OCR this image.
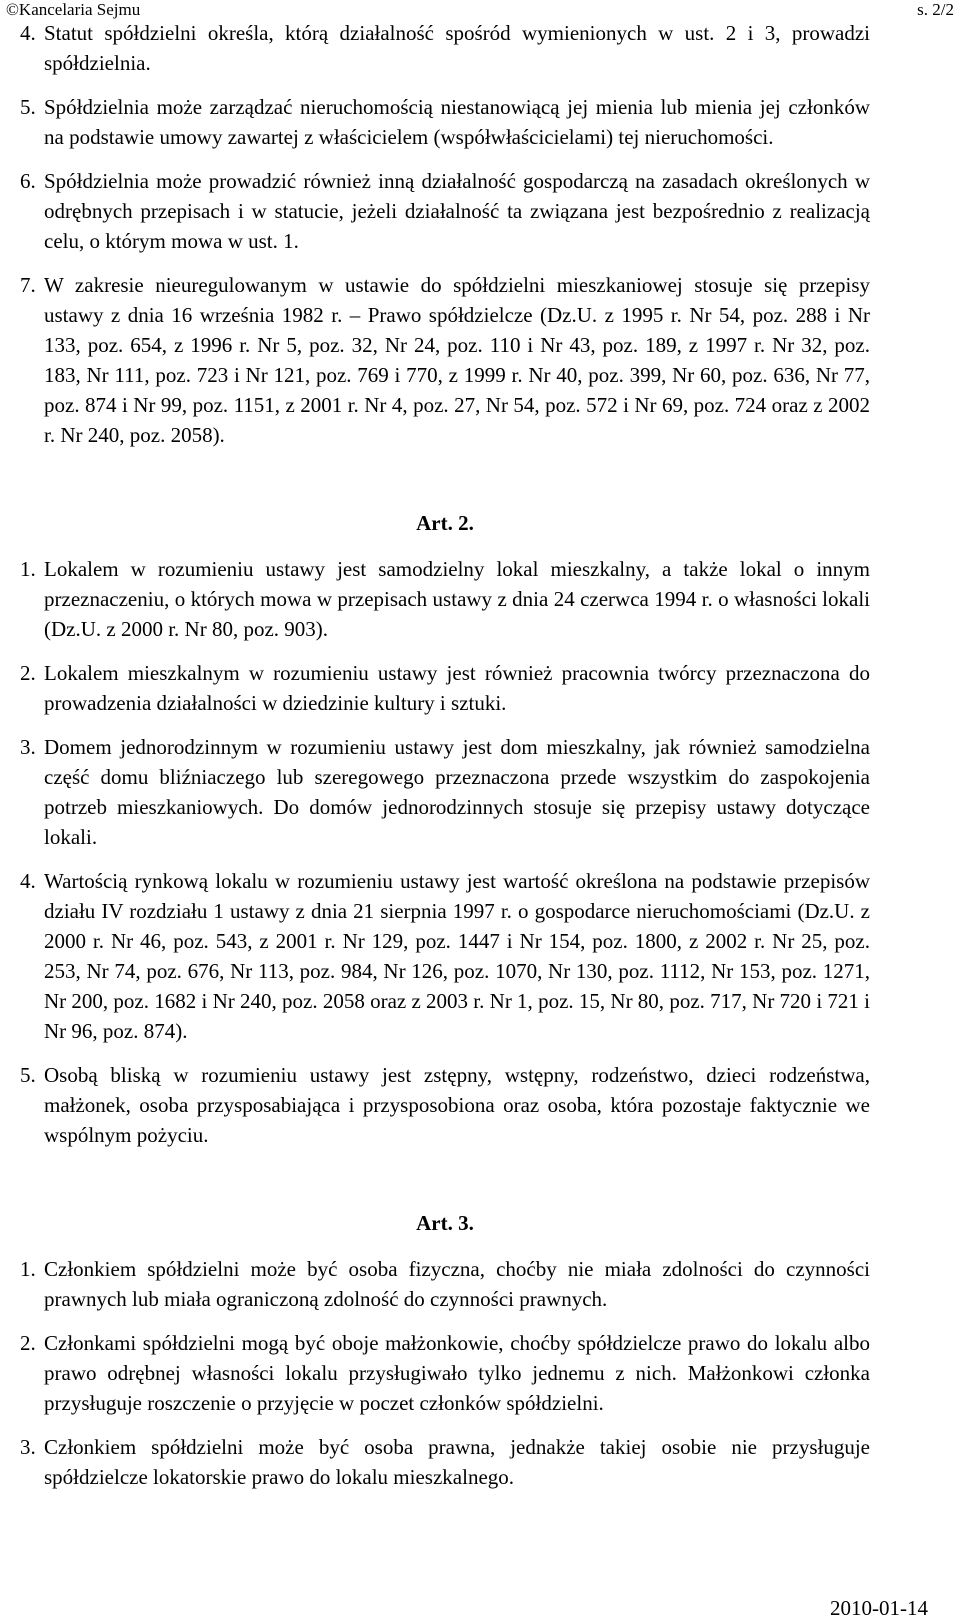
©Kancelaria Sejmu	s. 2/2
4. Statut spółdzielni określa, którą działalność spośród wymienionych w ust. 2 i 3, prowadzi spółdzielnia.
5. Spółdzielnia może zarządzać nieruchomością niestanowiącą jej mienia lub mienia jej członków na podstawie umowy zawartej z właścicielem (współwłaścicielami) tej nieruchomości.
6. Spółdzielnia może prowadzić również inną działalność gospodarczą na zasadach określonych w odrębnych przepisach i w statucie, jeżeli działalność ta związana jest bezpośrednio z realizacją celu, o którym mowa w ust. 1.
7. W zakresie nieuregulowanym w ustawie do spółdzielni mieszkaniowej stosuje się przepisy ustawy z dnia 16 września 1982 r. – Prawo spółdzielcze (Dz.U. z 1995 r. Nr 54, poz. 288 i Nr 133, poz. 654, z 1996 r. Nr 5, poz. 32, Nr 24, poz. 110 i Nr 43, poz. 189, z 1997 r. Nr 32, poz. 183, Nr 111, poz. 723 i Nr 121, poz. 769 i 770, z 1999 r. Nr 40, poz. 399, Nr 60, poz. 636, Nr 77, poz. 874 i Nr 99, poz. 1151, z 2001 r. Nr 4, poz. 27, Nr 54, poz. 572 i Nr 69, poz. 724 oraz z 2002 r. Nr 240, poz. 2058).
Art. 2.
1. Lokalem w rozumieniu ustawy jest samodzielny lokal mieszkalny, a także lokal o innym przeznaczeniu, o których mowa w przepisach ustawy z dnia 24 czerwca 1994 r. o własności lokali (Dz.U. z 2000 r. Nr 80, poz. 903).
2. Lokalem mieszkalnym w rozumieniu ustawy jest również pracownia twórcy przeznaczona do prowadzenia działalności w dziedzinie kultury i sztuki.
3. Domem jednorodzinnym w rozumieniu ustawy jest dom mieszkalny, jak również samodzielna część domu bliźniaczego lub szeregowego przeznaczona przede wszystkim do zaspokojenia potrzeb mieszkaniowych. Do domów jednorodzinnych stosuje się przepisy ustawy dotyczące lokali.
4. Wartością rynkową lokalu w rozumieniu ustawy jest wartość określona na podstawie przepisów działu IV rozdziału 1 ustawy z dnia 21 sierpnia 1997 r. o gospodarce nieruchomościami (Dz.U. z 2000 r. Nr 46, poz. 543, z 2001 r. Nr 129, poz. 1447 i Nr 154, poz. 1800, z 2002 r. Nr 25, poz. 253, Nr 74, poz. 676, Nr 113, poz. 984, Nr 126, poz. 1070, Nr 130, poz. 1112, Nr 153, poz. 1271, Nr 200, poz. 1682 i Nr 240, poz. 2058 oraz z 2003 r. Nr 1, poz. 15, Nr 80, poz. 717, Nr 720 i 721 i Nr 96, poz. 874).
5. Osobą bliską w rozumieniu ustawy jest zstępny, wstępny, rodzeństwo, dzieci rodzeństwa, małżonek, osoba przysposabiająca i przysposobiona oraz osoba, która pozostaje faktycznie we wspólnym pożyciu.
Art. 3.
1. Członkiem spółdzielni może być osoba fizyczna, choćby nie miała zdolności do czynności prawnych lub miała ograniczoną zdolność do czynności prawnych.
2. Członkami spółdzielni mogą być oboje małżonkowie, choćby spółdzielcze prawo do lokalu albo prawo odrębnej własności lokalu przysługiwało tylko jednemu z nich. Małżonkowi członka przysługuje roszczenie o przyjęcie w poczet członków spółdzielni.
3. Członkiem spółdzielni może być osoba prawna, jednakże takiej osobie nie przysługuje spółdzielcze lokatorskie prawo do lokalu mieszkalnego.
2010-01-14
